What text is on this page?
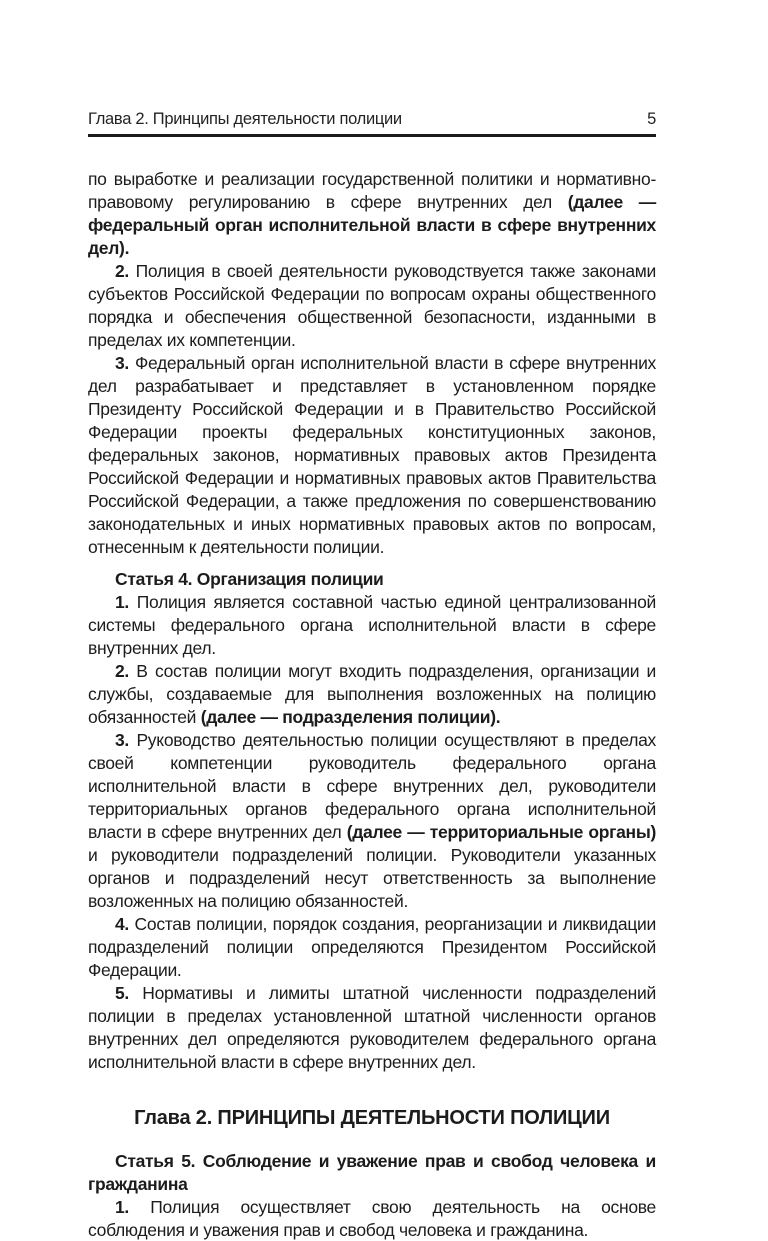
Глава 2. Принципы деятельности полиции	5

по выработке и реализации государственной политики и нормативно-правовому регулированию в сфере внутренних дел (далее — федеральный орган исполнительной власти в сфере внутренних дел).

2. Полиция в своей деятельности руководствуется также законами субъектов Российской Федерации по вопросам охраны общественного порядка и обеспечения общественной безопасности, изданными в пределах их компетенции.

3. Федеральный орган исполнительной власти в сфере внутренних дел разрабатывает и представляет в установленном порядке Президенту Российской Федерации и в Правительство Российской Федерации проекты федеральных конституционных законов, федеральных законов, нормативных правовых актов Президента Российской Федерации и нормативных правовых актов Правительства Российской Федерации, а также предложения по совершенствованию законодательных и иных нормативных правовых актов по вопросам, отнесенным к деятельности полиции.

Статья 4. Организация полиции

1. Полиция является составной частью единой централизованной системы федерального органа исполнительной власти в сфере внутренних дел.

2. В состав полиции могут входить подразделения, организации и службы, создаваемые для выполнения возложенных на полицию обязанностей (далее — подразделения полиции).

3. Руководство деятельностью полиции осуществляют в пределах своей компетенции руководитель федерального органа исполнительной власти в сфере внутренних дел, руководители территориальных органов федерального органа исполнительной власти в сфере внутренних дел (далее — территориальные органы) и руководители подразделений полиции. Руководители указанных органов и подразделений несут ответственность за выполнение возложенных на полицию обязанностей.

4. Состав полиции, порядок создания, реорганизации и ликвидации подразделений полиции определяются Президентом Российской Федерации.

5. Нормативы и лимиты штатной численности подразделений полиции в пределах установленной штатной численности органов внутренних дел определяются руководителем федерального органа исполнительной власти в сфере внутренних дел.

Глава 2. ПРИНЦИПЫ ДЕЯТЕЛЬНОСТИ ПОЛИЦИИ

Статья 5. Соблюдение и уважение прав и свобод человека и гражданина

1. Полиция осуществляет свою деятельность на основе соблюдения и уважения прав и свобод человека и гражданина.
